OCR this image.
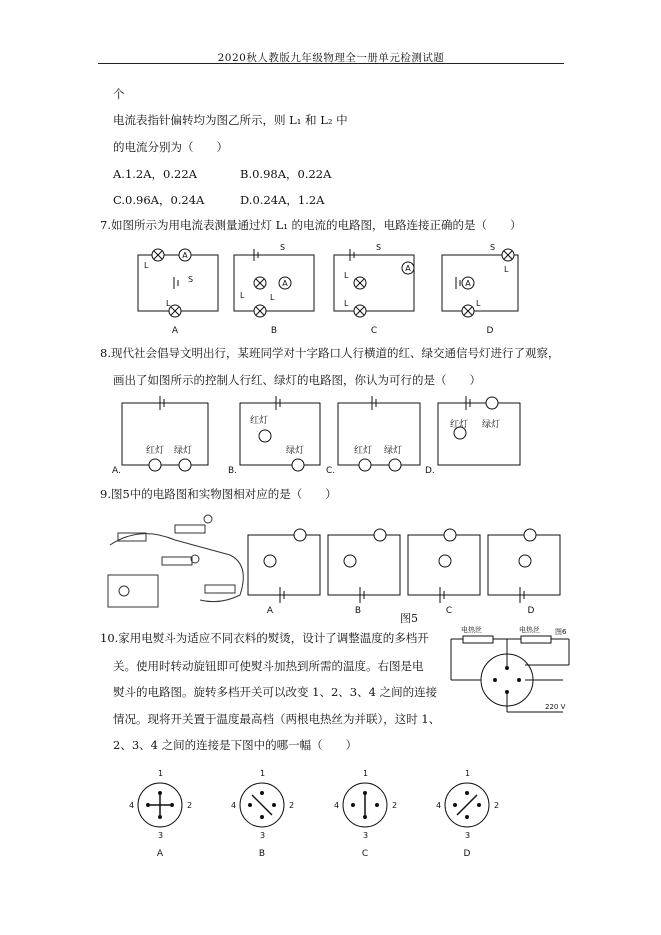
2020秋人教版九年级物理全一册单元检测试题
个
电流表指针偏转均为图乙所示，则 L₁ 和 L₂ 中
的电流分别为（　　）
A.1.2A，0.22A	B.0.98A，0.22A
C.0.96A，0.24A	D.0.24A，1.2A
7.如图所示为用电流表测量通过灯 L₁ 的电流的电路图，电路连接正确的是（　　）
A
A
A
A
L
L
L	L
L
L
L
L
S
S	S	S
A	B	C	D
8.现代社会倡导文明出行，某班同学对十字路口人行横道的红、绿交通信号灯进行了观察，
画出了如图所示的控制人行红、绿灯的电路图，你认为可行的是（　　）
红灯 绿灯
红灯
绿灯	红灯 绿灯
红灯 绿灯
A.	B.	C.	D.
9.图5中的电路图和实物图相对应的是（　　）
A	B	C	D
图5
10.家用电熨斗为适应不同衣料的熨烫，设计了调整温度的多档开
关。使用时转动旋钮即可使熨斗加热到所需的温度。右图是电
熨斗的电路图。旋转多档开关可以改变 1、2、3、4 之间的连接
情况。现将开关置于温度最高档（两根电热丝为并联），这时 1、
2、3、4 之间的连接是下图中的哪一幅（　　）
电热丝	电热丝 图6
220 V
1
4	2
3
1
4	2
3
1
4	2
3
1
4	2
3
A	B	C	D
